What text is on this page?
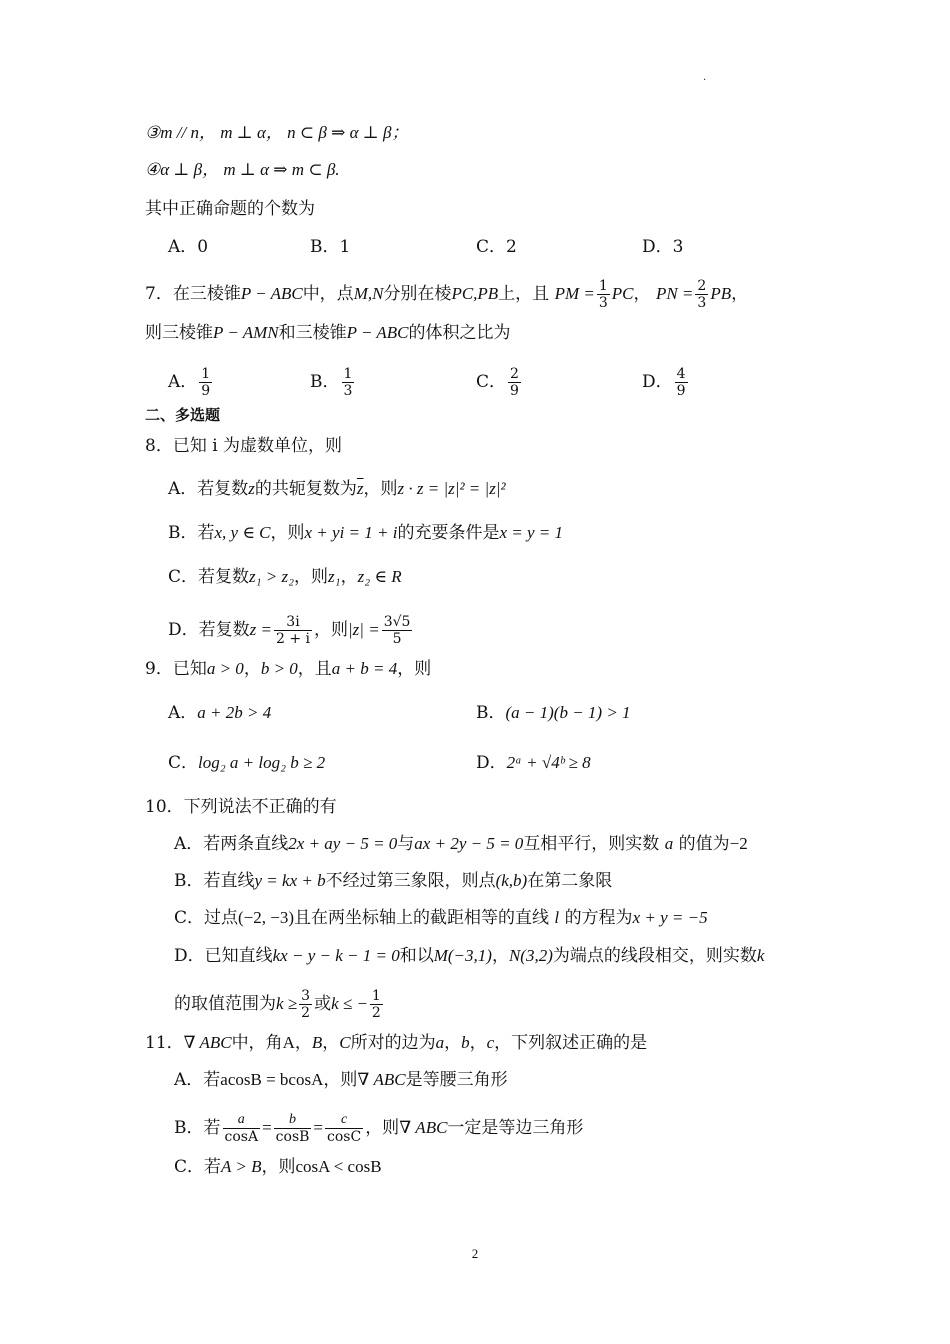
.
③m // n， m ⊥ α， n ⊂ β ⇒ α ⊥ β；
④α ⊥ β， m ⊥ α ⇒ m ⊂ β.
其中正确命题的个数为
A．0	B．1	C．2	D．3
7．在三棱锥P − ABC中，点M,N分别在棱PC,PB上，且 PM = $\frac{1}{3}$ PC， PN = $\frac{2}{3}$ PB，
则三棱锥P − AMN和三棱锥P − ABC的体积之比为
A． $\frac{1}{9}$	B． $\frac{1}{3}$	C． $\frac{2}{9}$	D． $\frac{4}{9}$
二、多选题
8．已知 i 为虚数单位，则
A．若复数z的共轭复数为$\overline{z}$，则z · z = |z|² = |z|²
B．若x, y ∈ C，则x + yi = 1 + i的充要条件是x = y = 1
C．若复数z₁ > z₂，则z₁，z₂ ∈ R
D．若复数$z = \frac{3i}{2 + i}$ ，则$|z| = \frac{3√5}{5}$
9．已知a > 0，b > 0，且a + b = 4，则
A．a + 2b > 4	B．(a − 1)(b − 1) > 1
C．log₂ a + log₂ b ≥ 2	D．2ᵃ + √4ᵇ ≥ 8
10．下列说法不正确的有
A．若两条直线2x + ay − 5 = 0与ax + 2y − 5 = 0互相平行，则实数 a 的值为−2
B．若直线y = kx + b不经过第三象限，则点(k,b)在第二象限
C．过点(−2, −3)且在两坐标轴上的截距相等的直线 l 的方程为x + y = −5
D．已知直线kx − y − k − 1 = 0和以M(−3,1)，N(3,2)为端点的线段相交，则实数k
的取值范围为$k \ge \frac{3}{2}$ 或k ≤ − $\frac{1}{2}$
11．∇ ABC中，角A，B，C所对的边为a，b，c，下列叙述正确的是
A．若acosB = bcosA，则∇ ABC是等腰三角形
B．若 $\frac{a}{\cos A} = \frac{b}{\cos B} = \frac{c}{\cos C}$ ，则∇ ABC一定是等边三角形
C．若A > B，则cosA < cosB
2
